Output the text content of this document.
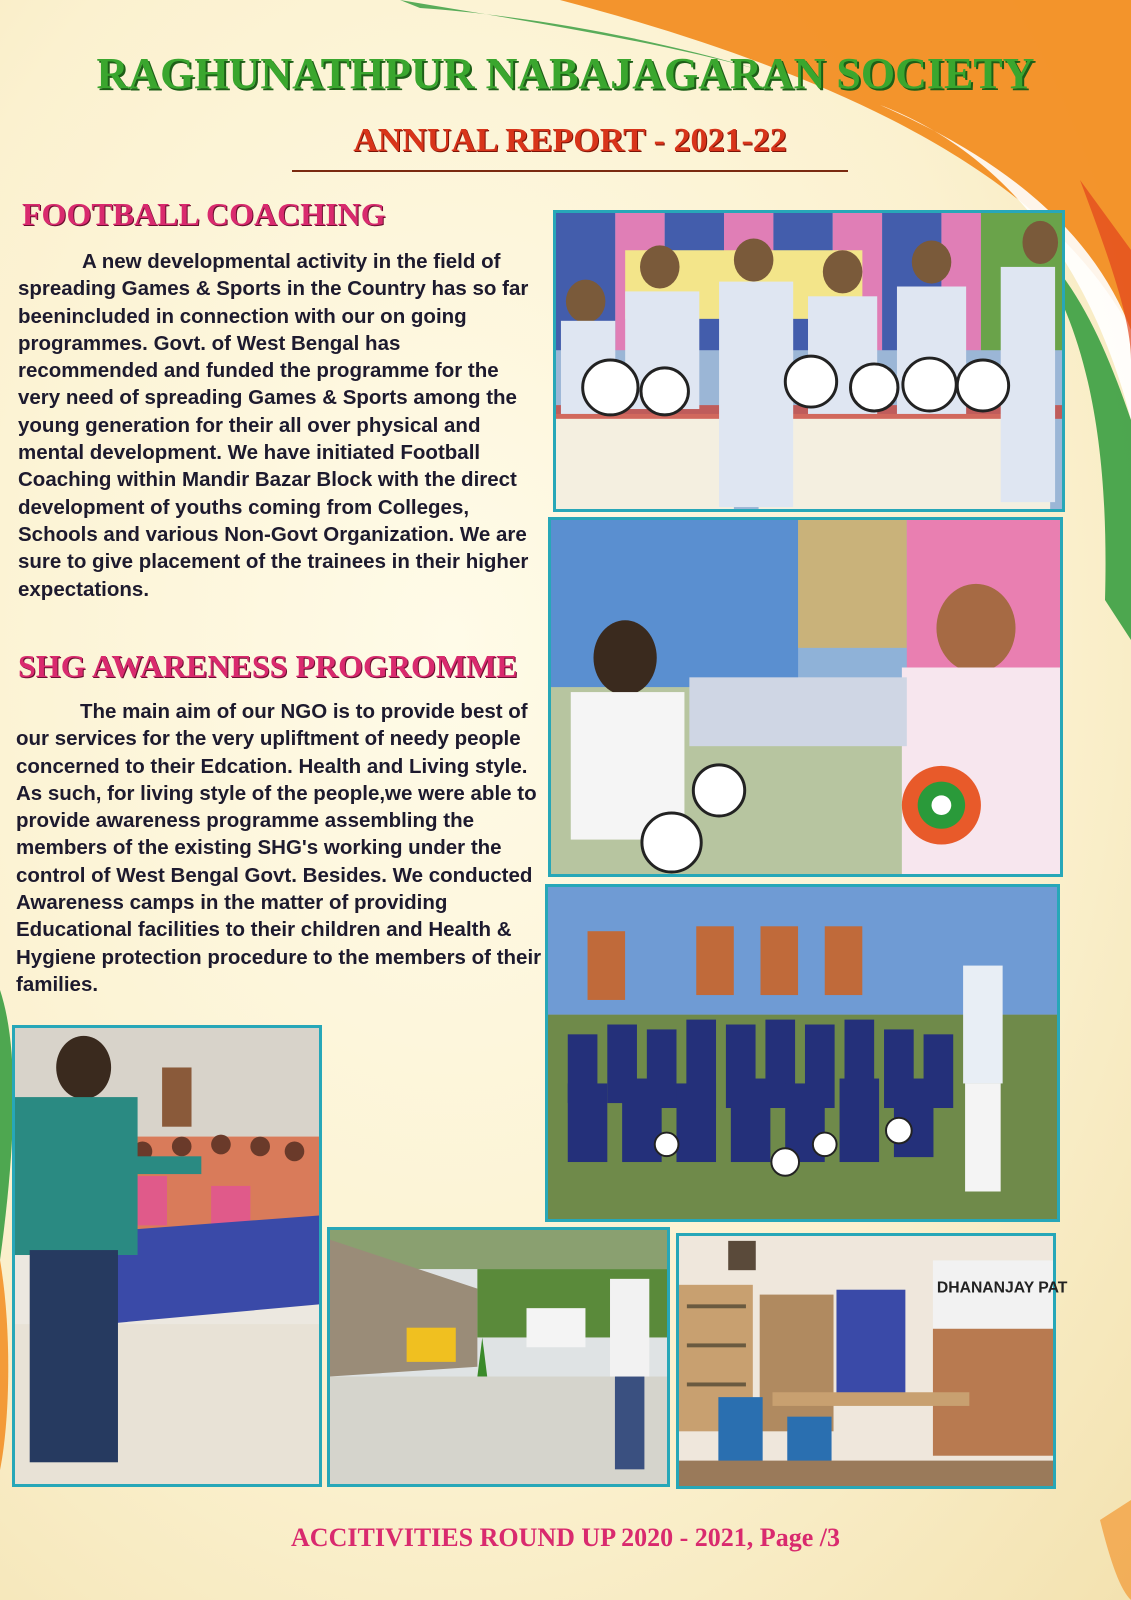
RAGHUNATHPUR NABAJAGARAN SOCIETY
ANNUAL REPORT - 2021-22
FOOTBALL COACHING

A new developmental activity in the field of spreading Games & Sports in the Country has so far beenincluded in connection with our on going programmes. Govt. of West Bengal has recommended and funded the programme for the very need of spreading Games & Sports among the young generation for their all over physical and mental development. We have initiated Football Coaching within Mandir Bazar Block with the direct development of youths coming from Colleges, Schools and various Non-Govt Organization. We are sure to give placement of the trainees in their higher expectations.

SHG AWARENESS PROGROMME

The main aim of our NGO is to provide best of our services for the very upliftment of needy people concerned to their Edcation. Health and Living style. As such, for living style of the people,we were able to provide awareness programme assembling the members of the existing SHG's working under the control of West Bengal Govt. Besides. We conducted Awareness camps in the matter of providing Educational facilities to their children and Health & Hygiene protection procedure to the members of their families.

DHANANJAY PAT
ACCITIVITIES ROUND UP 2020 - 2021, Page /3
